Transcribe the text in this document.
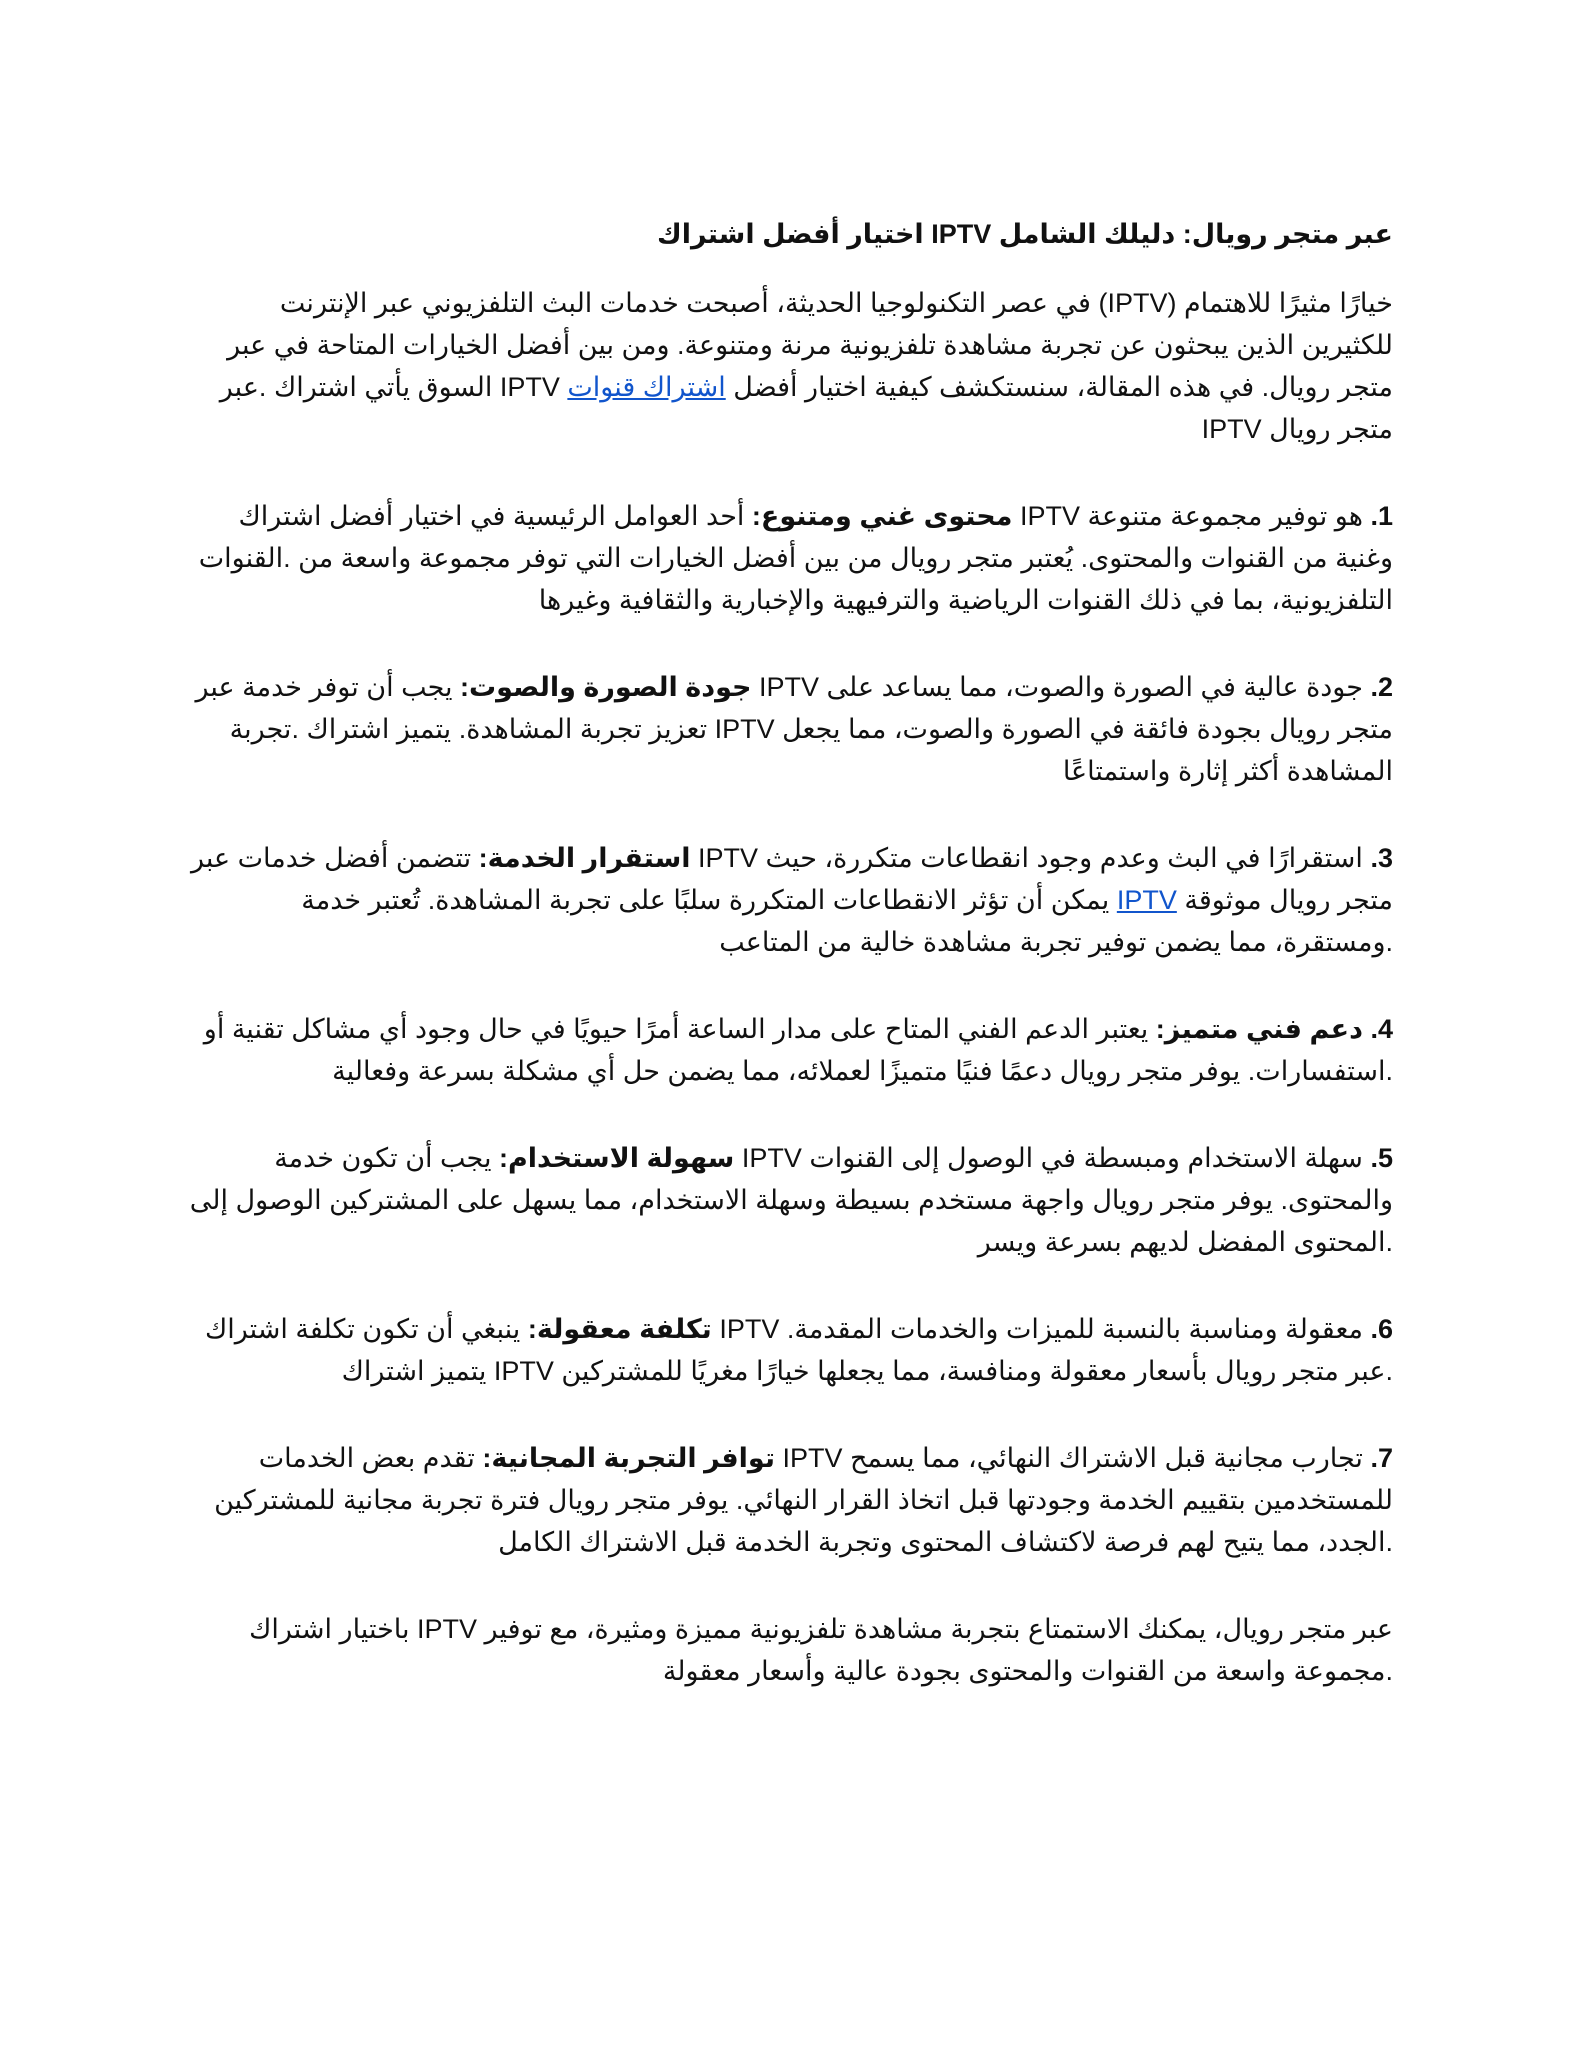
عبر متجر رويال: دليلك الشامل IPTV اختيار أفضل اشتراك
خيارًا مثيرًا للاهتمام (IPTV) في عصر التكنولوجيا الحديثة، أصبحت خدمات البث التلفزيوني عبر الإنترنت للكثيرين الذين يبحثون عن تجربة مشاهدة تلفزيونية مرنة ومتنوعة. ومن بين أفضل الخيارات المتاحة في عبر متجر رويال. في هذه المقالة، سنستكشف كيفية اختيار أفضل اشتراك قنوات IPTV السوق يأتي اشتراك .عبر متجر رويال IPTV
1. هو توفير مجموعة متنوعة IPTV محتوى غني ومتنوع: أحد العوامل الرئيسية في اختيار أفضل اشتراك وغنية من القنوات والمحتوى. يُعتبر متجر رويال من بين أفضل الخيارات التي توفر مجموعة واسعة من .القنوات التلفزيونية، بما في ذلك القنوات الرياضية والترفيهية والإخبارية والثقافية وغيرها
2. جودة عالية في الصورة والصوت، مما يساعد على IPTV جودة الصورة والصوت: يجب أن توفر خدمة عبر متجر رويال بجودة فائقة في الصورة والصوت، مما يجعل IPTV تعزيز تجربة المشاهدة. يتميز اشتراك .تجربة المشاهدة أكثر إثارة واستمتاعًا
3. استقرارًا في البث وعدم وجود انقطاعات متكررة، حيث IPTV استقرار الخدمة: تتضمن أفضل خدمات عبر متجر رويال موثوقة IPTV يمكن أن تؤثر الانقطاعات المتكررة سلبًا على تجربة المشاهدة. تُعتبر خدمة .ومستقرة، مما يضمن توفير تجربة مشاهدة خالية من المتاعب
4. دعم فني متميز: يعتبر الدعم الفني المتاح على مدار الساعة أمرًا حيويًا في حال وجود أي مشاكل تقنية أو .استفسارات. يوفر متجر رويال دعمًا فنيًا متميزًا لعملائه، مما يضمن حل أي مشكلة بسرعة وفعالية
5. سهلة الاستخدام ومبسطة في الوصول إلى القنوات IPTV سهولة الاستخدام: يجب أن تكون خدمة والمحتوى. يوفر متجر رويال واجهة مستخدم بسيطة وسهلة الاستخدام، مما يسهل على المشتركين الوصول إلى .المحتوى المفضل لديهم بسرعة ويسر
6. معقولة ومناسبة بالنسبة للميزات والخدمات المقدمة. IPTV تكلفة معقولة: ينبغي أن تكون تكلفة اشتراك .عبر متجر رويال بأسعار معقولة ومنافسة، مما يجعلها خيارًا مغريًا للمشتركين IPTV يتميز اشتراك
7. تجارب مجانية قبل الاشتراك النهائي، مما يسمح IPTV توافر التجربة المجانية: تقدم بعض الخدمات للمستخدمين بتقييم الخدمة وجودتها قبل اتخاذ القرار النهائي. يوفر متجر رويال فترة تجربة مجانية للمشتركين .الجدد، مما يتيح لهم فرصة لاكتشاف المحتوى وتجربة الخدمة قبل الاشتراك الكامل
عبر متجر رويال، يمكنك الاستمتاع بتجربة مشاهدة تلفزيونية مميزة ومثيرة، مع توفير IPTV باختيار اشتراك .مجموعة واسعة من القنوات والمحتوى بجودة عالية وأسعار معقولة
